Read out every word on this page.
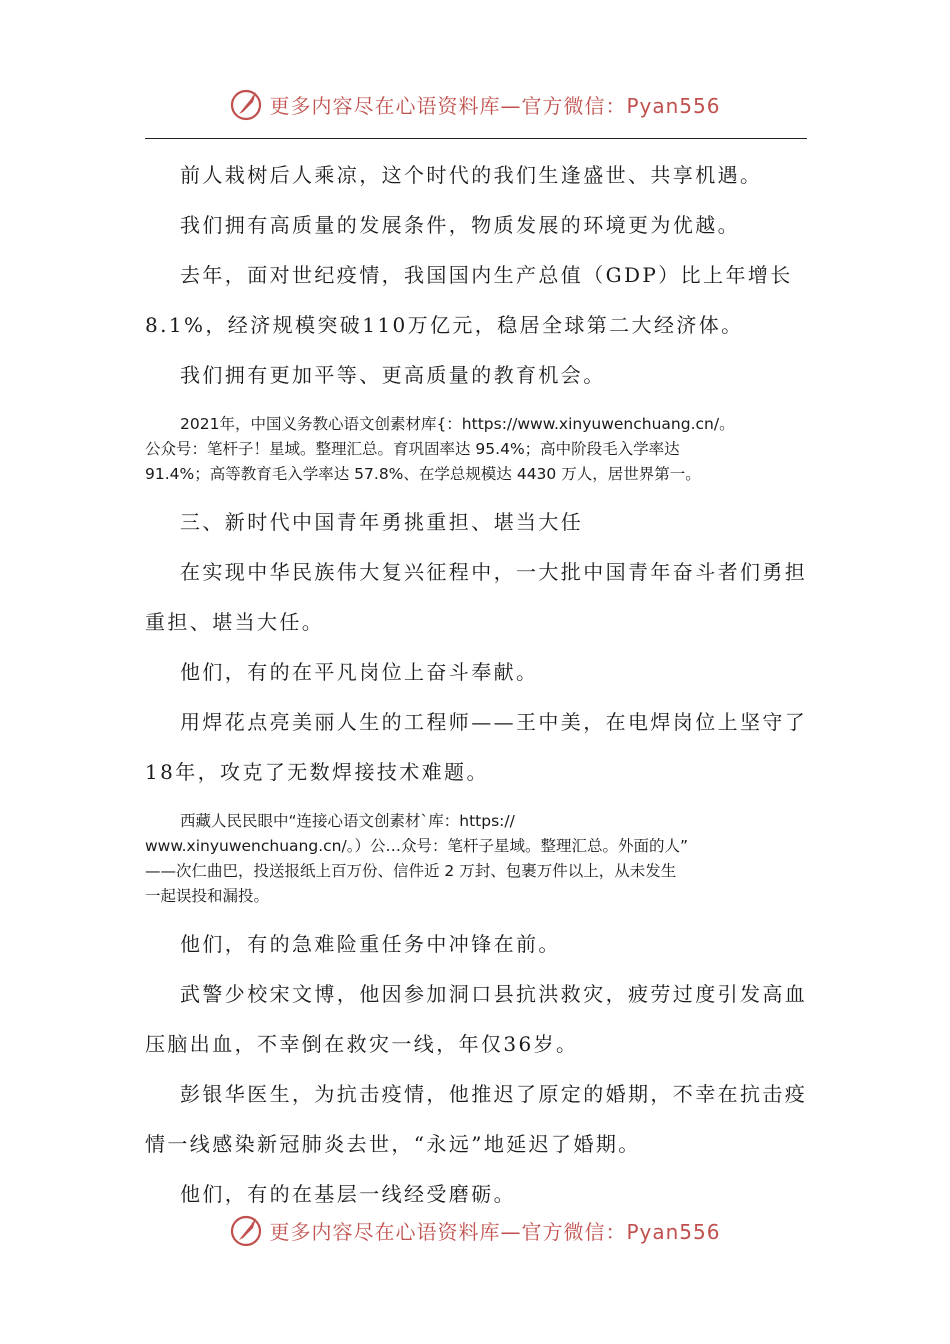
更多内容尽在心语资料库—官方微信：Pyan556

前人栽树后人乘凉，这个时代的我们生逢盛世、共享机遇。

我们拥有高质量的发展条件，物质发展的环境更为优越。

去年，面对世纪疫情，我国国内生产总值（GDP）比上年增长

8.1%，经济规模突破110万亿元，稳居全球第二大经济体。

我们拥有更加平等、更高质量的教育机会。

2021年，中国义务教心语文创素材库{：https://www.xinyuwenchuang.cn/。

公众号：笔杆子！星域。整理汇总。育巩固率达 95.4%；高中阶段毛入学率达

91.4%；高等教育毛入学率达 57.8%、在学总规模达 4430 万人，居世界第一。

三、新时代中国青年勇挑重担、堪当大任

在实现中华民族伟大复兴征程中，一大批中国青年奋斗者们勇担

重担、堪当大任。

他们，有的在平凡岗位上奋斗奉献。

用焊花点亮美丽人生的工程师——王中美，在电焊岗位上坚守了

18年，攻克了无数焊接技术难题。

西藏人民民眼中“连接心语文创素材`库：https://

www.xinyuwenchuang.cn/。）公…众号：笔杆子星域。整理汇总。外面的人”

——次仁曲巴，投送报纸上百万份、信件近 2 万封、包裹万件以上，从未发生

一起误投和漏投。

他们，有的急难险重任务中冲锋在前。

武警少校宋文博，他因参加洞口县抗洪救灾，疲劳过度引发高血

压脑出血，不幸倒在救灾一线，年仅36岁。

彭银华医生，为抗击疫情，他推迟了原定的婚期，不幸在抗击疫

情一线感染新冠肺炎去世，“永远”地延迟了婚期。

他们，有的在基层一线经受磨砺。

更多内容尽在心语资料库—官方微信：Pyan556
